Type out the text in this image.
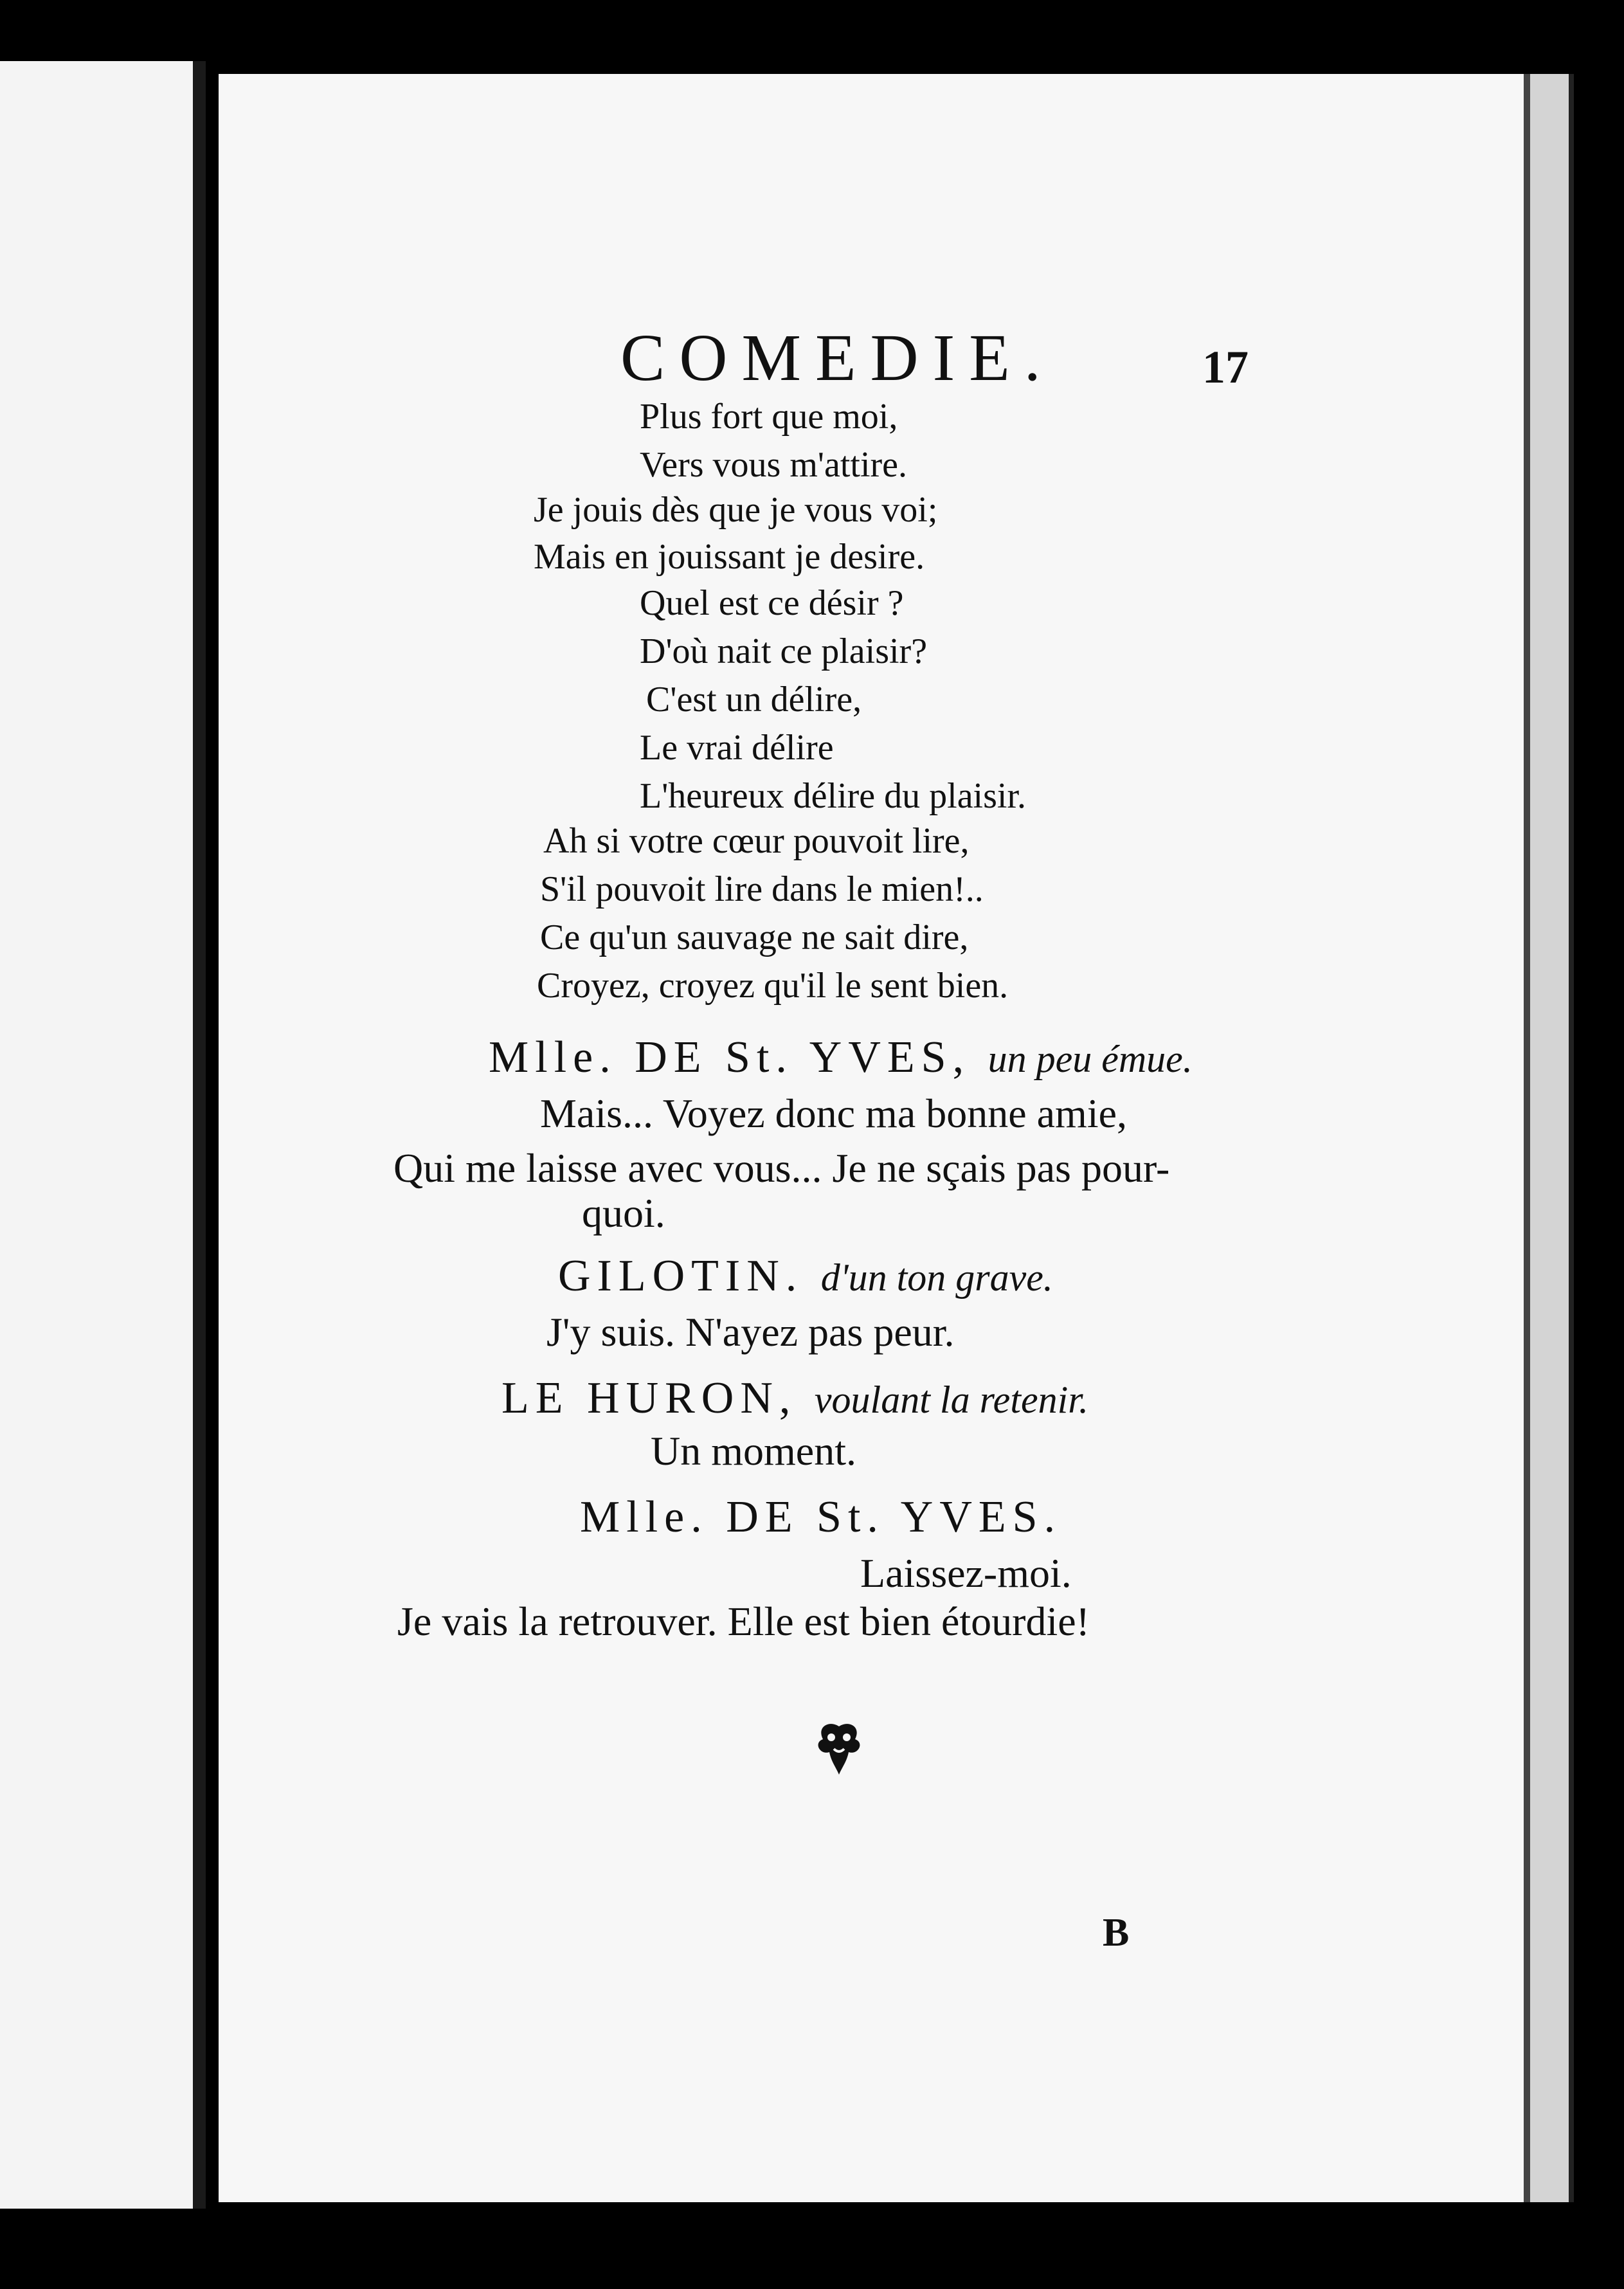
COMEDIE.	17
Plus fort que moi,
Vers vous m'attire.
Je jouis dès que je vous voi;
Mais en jouissant je desire.
Quel est ce désir ?
D'où nait ce plaisir?
C'est un délire,
Le vrai délire
L'heureux délire du plaisir.
Ah si votre cœur pouvoit lire,
S'il pouvoit lire dans le mien!..
Ce qu'un sauvage ne sait dire,
Croyez, croyez qu'il le sent bien.
Mlle. DE St. YVES, un peu émue.
Mais... Voyez donc ma bonne amie,
Qui me laisse avec vous... Je ne sçais pas pour-
quoi.
GILOTIN. d'un ton grave.
J'y suis. N'ayez pas peur.
LE HURON, voulant la retenir.
Un moment.
Mlle. DE St. YVES.
Laissez-moi.
Je vais la retrouver. Elle est bien étourdie!
B
